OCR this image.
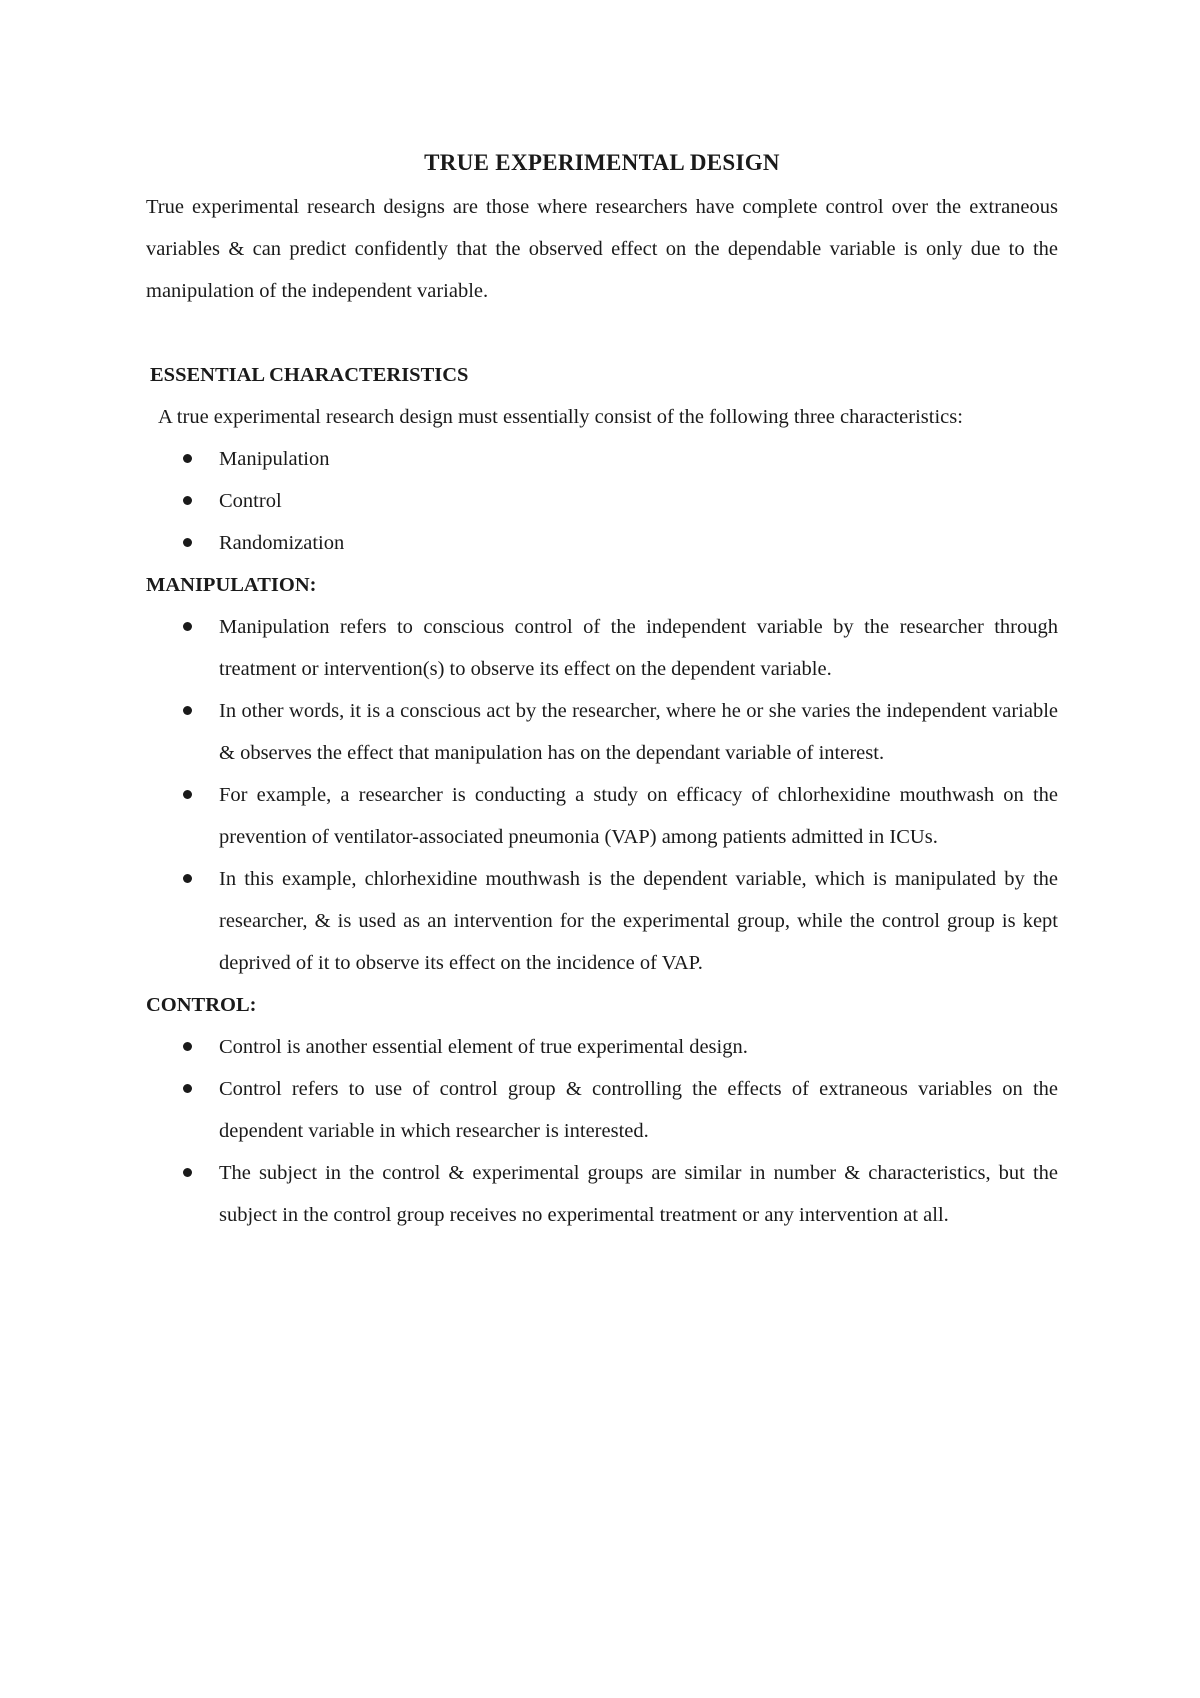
TRUE EXPERIMENTAL DESIGN

True experimental research designs are those where researchers have complete control over the extraneous variables & can predict confidently that the observed effect on the dependable variable is only due to the manipulation of the independent variable.

ESSENTIAL CHARACTERISTICS

A true experimental research design must essentially consist of the following three characteristics:

Manipulation
Control
Randomization
MANIPULATION:
Manipulation refers to conscious control of the independent variable by the researcher through treatment or intervention(s) to observe its effect on the dependent variable.
In other words, it is a conscious act by the researcher, where he or she varies the independent variable & observes the effect that manipulation has on the dependant variable of interest.
For example, a researcher is conducting a study on efficacy of chlorhexidine mouthwash on the prevention of ventilator-associated pneumonia (VAP) among patients admitted in ICUs.
In this example, chlorhexidine mouthwash is the dependent variable, which is manipulated by the researcher, & is used as an intervention for the experimental group, while the control group is kept deprived of it to observe its effect on the incidence of VAP.
CONTROL:
Control is another essential element of true experimental design.
Control refers to use of control group & controlling the effects of extraneous variables on the dependent variable in which researcher is interested.
The subject in the control & experimental groups are similar in number & characteristics, but the subject in the control group receives no experimental treatment or any intervention at all.
